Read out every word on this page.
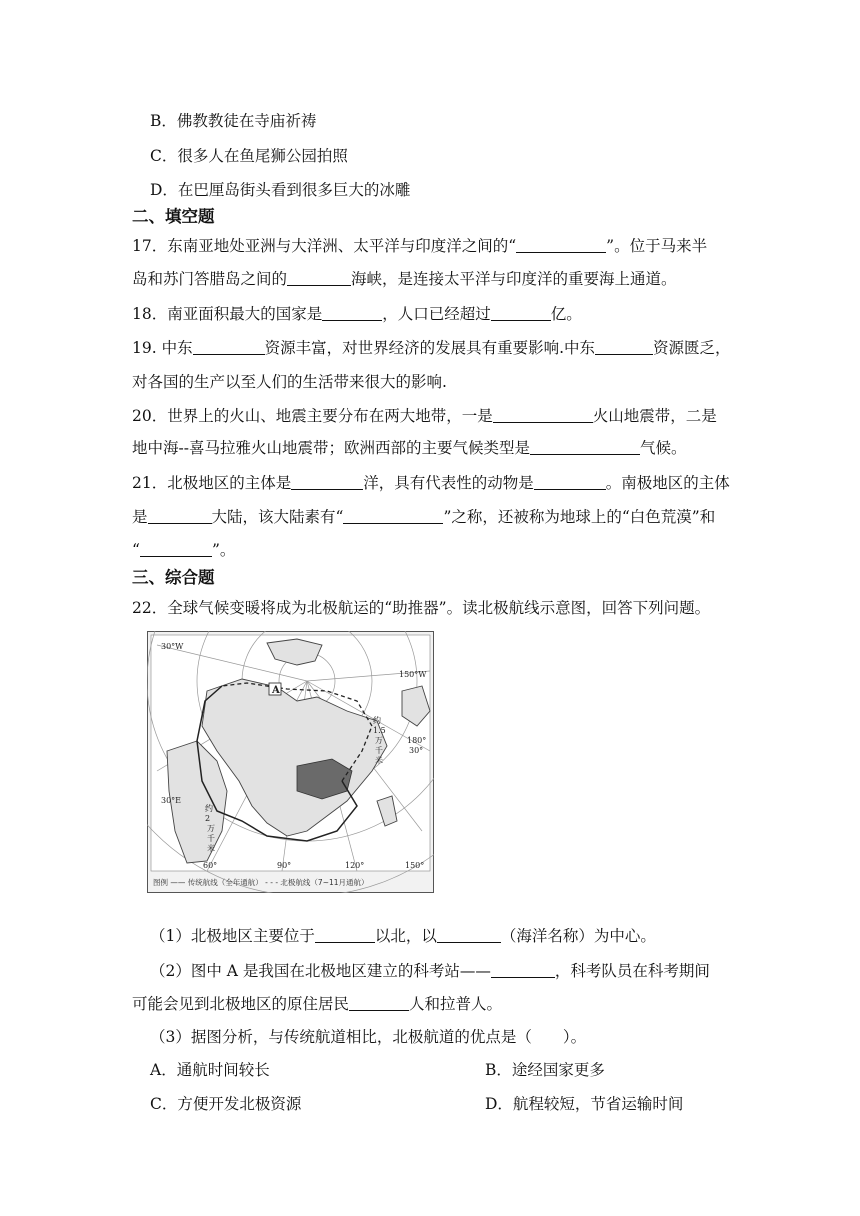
B．佛教教徒在寺庙祈祷
C．很多人在鱼尾狮公园拍照
D．在巴厘岛街头看到很多巨大的冰雕
二、填空题
17．东南亚地处亚洲与大洋洲、太平洋与印度洋之间的“	”。位于马来半
岛和苏门答腊岛之间的	海峡，是连接太平洋与印度洋的重要海上通道。
18．南亚面积最大的国家是	，人口已经超过	亿。
19. 中东	资源丰富，对世界经济的发展具有重要影响.中东	资源匮乏，
对各国的生产以至人们的生活带来很大的影响.
20．世界上的火山、地震主要分布在两大地带，一是	火山地震带，二是
地中海--喜马拉雅火山地震带；欧洲西部的主要气候类型是	气候。
21．北极地区的主体是	洋，具有代表性的动物是	。南极地区的主体
是	大陆，该大陆素有“	”之称，还被称为地球上的“白色荒漠”和
“	”。
三、综合题
22．全球气候变暖将成为北极航运的“助推器”。读北极航线示意图，回答下列问题。
30°W
150°W
A
约
1.5
万
千
米
180°
30°
30°E
约
2
万
千
米
60°	90°	120°	150°
图例 —— 传统航线（全年通航） - - - 北极航线（7~11月通航）
（1）北极地区主要位于	以北，以	（海洋名称）为中心。
（2）图中 A 是我国在北极地区建立的科考站——	，科考队员在科考期间
可能会见到北极地区的原住居民	人和拉普人。
（3）据图分析，与传统航道相比，北极航道的优点是（　　）。
A．通航时间较长	B．途经国家更多
C．方便开发北极资源	D．航程较短，节省运输时间
